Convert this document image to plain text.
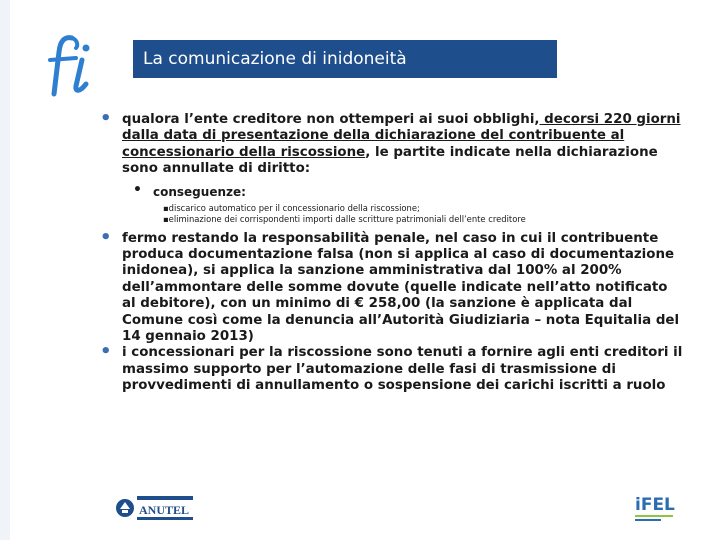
La comunicazione di inidoneità
• qualora l’ente creditore non ottemperi ai suoi obblighi, decorsi 220 giorni dalla data di presentazione della dichiarazione del contribuente al concessionario della riscossione, le partite indicate nella dichiarazione sono annullate di diritto:
• conseguenze:
▪discarico automatico per il concessionario della riscossione;
▪eliminazione dei corrispondenti importi dalle scritture patrimoniali dell’ente creditore
• fermo restando la responsabilità penale, nel caso in cui il contribuente produca documentazione falsa (non si applica al caso di documentazione inidonea), si applica la sanzione amministrativa dal 100% al 200% dell’ammontare delle somme dovute (quelle indicate nell’atto notificato al debitore), con un minimo di € 258,00 (la sanzione è applicata dal Comune così come la denuncia all’Autorità Giudiziaria – nota Equitalia del 14 gennaio 2013)
• i concessionari per la riscossione sono tenuti a fornire agli enti creditori il massimo supporto per l’automazione delle fasi di trasmissione di provvedimenti di annullamento o sospensione dei carichi iscritti a ruolo
ANUTEL	iFEL
